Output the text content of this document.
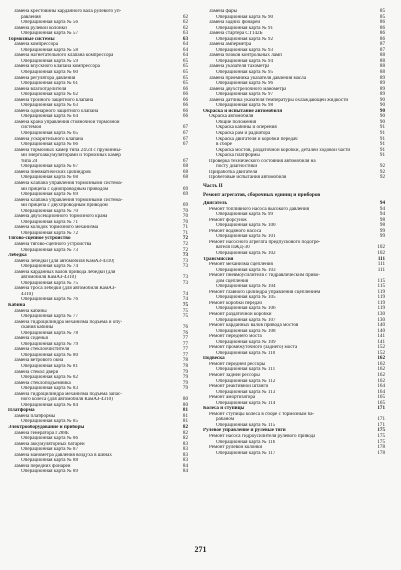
Замена крестовины карданного вала рулевого уп-
равления	62
Операционная карта № 56	62
Замена рулевой колонки	62
Операционная карта № 57	63
Тормозные системы	63
Замена компрессора	64
Операционная карта № 58	64
Замена нагнетательного клапана компрессора	64
Операционная карта № 59	65
Замена впускного клапана компрессора	65
Операционная карта № 60	65
Замена регулятора давления	65
Операционная карта № 61	65
Замена влагоотделителя	66
Операционная карта № 62	66
Замена тройного защитного клапана	66
Операционная карта № 63	66
Замена одинарного защитного клапана	66
Операционная карта № 64	66
Замена крана управления стояночной тормозной
системой	67
Операционная карта № 65	67
Замена ускорительного клапана	67
Операционная карта № 66	67
Замена тормозных камер типа 24/24 с пружинны-
ми энергоаккумуляторами и тормозных камер
типа 24	67
Операционная карта № 67	68
Замена пневматических цилиндров	68
Операционная карта № 68	68
Замена клапана управления тормозными система-
ми прицепа с однопроводным приводом	69
Операционная карта № 69	69
Замена клапана управления тормозными система-
ми прицепа с двухпроводным приводом	69
Операционная карта № 70	70
Замена двухсекционного тормозного крана	70
Операционная карта № 71	70
Замена колодок тормозного механизма	71
Операционная карта № 72	71
Тягово-сцепное устройство	72
Замена тягово-сцепного устройства	72
Операционная карта № 73	72
Лебедка	73
Замена лебедки (для автомобиля КамАЗ-4310)	73
Операционная карта № 74	73
Замена карданных валов привода лебедки (для
автомобиля КамАЗ-4310)	73
Операционная карта № 75	73
Замена троса лебедки (для автомобиля КамАЗ-
4310)	74
Операционная карта № 76	74
Кабина	75
Замена кабины	75
Операционная карта № 77	75
Замена гидроцилиндра механизма подъема и опу-
скания кабины	76
Операционная карта № 78	76
Замена сиденья	77
Операционная карта № 79	77
Замена стеклоочистителя	77
Операционная карта № 80	77
Замена ветрового окна	78
Операционная карта № 81	78
Замена стекол двери	79
Операционная карта № 82	79
Замена стеклоподъемника	79
Операционная карта № 83	79
Замена гидроцилиндра механизма подъема запас-
ного колеса (для автомобиля КамАЗ-4310)	80
Операционная карта № 84	80
Платформа	81
Замена платформы	81
Операционная карта № 85	81
Электрооборудование и приборы	82
Замена генератора Г288Е	82
Операционная карта № 86	82
Замена аккумуляторных батарей	83
Операционная карта № 87	83
Замена манометра давления воздуха в шинах	83
Операционная карта № 88	83
Замена передних фонарей	84
Операционная карта № 89	84
Замена фары	85
Операционная карта № 90	85
Замена задних фонарей	86
Операционная карта № 91	86
Замена стартера СТ142Б	86
Операционная карта № 92	86
Замена амперметра	87
Операционная карта № 93	87
Замена блоков контрольных ламп	88
Операционная карта № 94	88
Замена указателя тахометра	88
Операционная карта № 95	88
Замена приемника указателя давления масла	89
Операционная карта № 96	89
Замена двухстрелочного манометра	89
Операционная карта № 97	89
Замена датчика указателя температуры охлаждающей жидкости	90
Операционная карта № 98	90
Окраска и испытание автомобиля	90
Окраска автомобиля	90
Общие положения	90
Окраска кабины и оперения	91
Окраска рам и радиатора	91
Окраска двигателя и коробки передач	91
в сборе	91
Окраска мостов, раздаточной коробки, деталей ходовой части	91
Окраска платформы	91
Проверка технического состояния автомобиля на
посту диагностики	92
Приработка двигателя	92
Пробеговые испытания автомобиля	92
Часть II
Ремонт агрегатов, сборочных единиц и приборов
Двигатель	94
Ремонт топливного насоса высокого давления	94
Операционная карта № 99	94
Ремонт форсунок	98
Операционная карта № 100	98
Ремонт водяного насоса	99
Операционная карта № 101	99
Ремонт насосного агрегата предпускового подогре-
вателя ПЖД-30	102
Операционная карта № 102	102
Трансмиссия	111
Ремонт механизма сцепления	111
Операционная карта № 103	111
Ремонт пневмоусилителя с гидравлическим приво-
дом сцепления	115
Операционная карта № 104	115
Ремонт главного цилиндра управления сцеплением	119
Операционная карта № 105	119
Ремонт коробки передач	119
Операционная карта № 106	119
Ремонт раздаточной коробки	130
Операционная карта № 107	130
Ремонт карданных валов привода мостов	140
Операционная карта № 108	140
Ремонт переднего моста	141
Операционная карта № 109	141
Ремонт промежуточного (заднего) моста	152
Операционная карта № 110	152
Подвеска	162
Ремонт передней рессоры	162
Операционная карта № 111	162
Ремонт задней рессоры	162
Операционная карта № 112	162
Ремонт реактивной штанги	164
Операционная карта № 113	164
Ремонт амортизатора	165
Операционная карта № 114	165
Колеса и ступицы	171
Ремонт ступицы колеса в сборе с тормозным ба-
рабаном	171
Операционная карта № 115	171
Рулевое управление и рулевые тяги	175
Ремонт насоса гидроусилителя рулевого привода	175
Операционная карта № 116	175
Ремонт рулевой колонки	178
Операционная карта № 117	178
271
